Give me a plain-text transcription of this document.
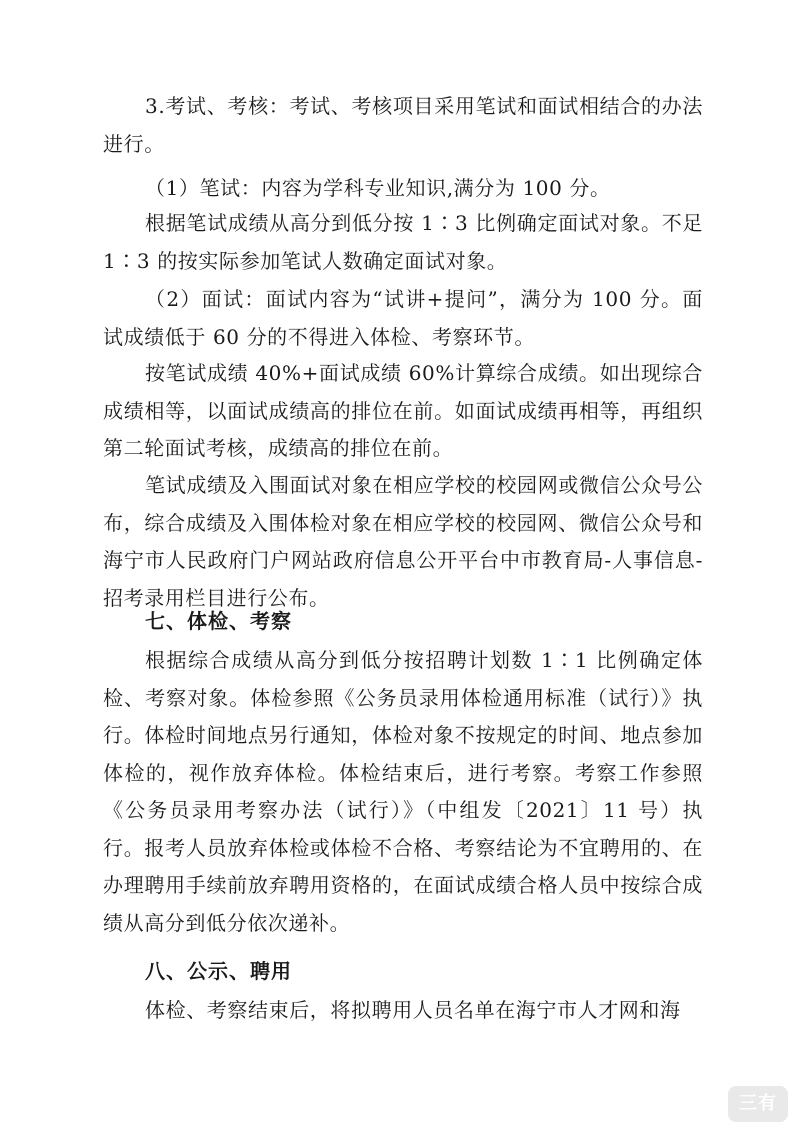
3.考试、考核：考试、考核项目采用笔试和面试相结合的办法进行。

（1）笔试：内容为学科专业知识,满分为 100 分。

根据笔试成绩从高分到低分按 1∶3 比例确定面试对象。不足 1∶3 的按实际参加笔试人数确定面试对象。

（2）面试：面试内容为“试讲+提问”，满分为 100 分。面试成绩低于 60 分的不得进入体检、考察环节。

按笔试成绩 40%+面试成绩 60%计算综合成绩。如出现综合成绩相等，以面试成绩高的排位在前。如面试成绩再相等，再组织第二轮面试考核，成绩高的排位在前。

笔试成绩及入围面试对象在相应学校的校园网或微信公众号公布，综合成绩及入围体检对象在相应学校的校园网、微信公众号和海宁市人民政府门户网站政府信息公开平台中市教育局-人事信息-招考录用栏目进行公布。

七、体检、考察

根据综合成绩从高分到低分按招聘计划数 1∶1 比例确定体检、考察对象。体检参照《公务员录用体检通用标准（试行）》执行。体检时间地点另行通知，体检对象不按规定的时间、地点参加体检的，视作放弃体检。体检结束后，进行考察。考察工作参照《公务员录用考察办法（试行）》（中组发〔2021〕11 号）执行。报考人员放弃体检或体检不合格、考察结论为不宜聘用的、在办理聘用手续前放弃聘用资格的，在面试成绩合格人员中按综合成绩从高分到低分依次递补。

八、公示、聘用

体检、考察结束后，将拟聘用人员名单在海宁市人才网和海

三有
